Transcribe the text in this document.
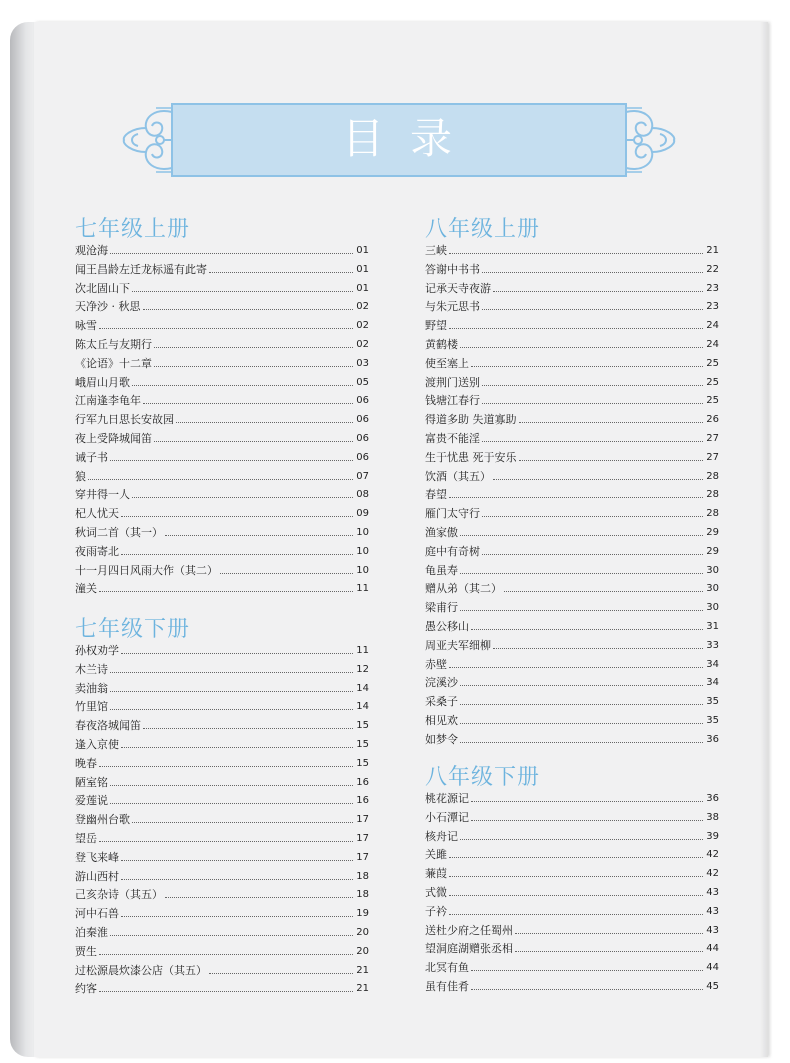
目录
七年级上册
观沧海	01
闻王昌龄左迁龙标遥有此寄	01
次北固山下	01
天净沙 · 秋思	02
咏雪	02
陈太丘与友期行	02
《论语》十二章	03
峨眉山月歌	05
江南逢李龟年	06
行军九日思长安故园	06
夜上受降城闻笛	06
诫子书	06
狼	07
穿井得一人	08
杞人忧天	09
秋词二首（其一）	10
夜雨寄北	10
十一月四日风雨大作（其二）	10
潼关	11
七年级下册
孙权劝学	11
木兰诗	12
卖油翁	14
竹里馆	14
春夜洛城闻笛	15
逢入京使	15
晚春	15
陋室铭	16
爱莲说	16
登幽州台歌	17
望岳	17
登飞来峰	17
游山西村	18
己亥杂诗（其五）	18
河中石兽	19
泊秦淮	20
贾生	20
过松源晨炊漆公店（其五）	21
约客	21
八年级上册
三峡	21
答谢中书书	22
记承天寺夜游	23
与朱元思书	23
野望	24
黄鹤楼	24
使至塞上	25
渡荆门送别	25
钱塘江春行	25
得道多助 失道寡助	26
富贵不能淫	27
生于忧患 死于安乐	27
饮酒（其五）	28
春望	28
雁门太守行	28
渔家傲	29
庭中有奇树	29
龟虽寿	30
赠从弟（其二）	30
梁甫行	30
愚公移山	31
周亚夫军细柳	33
赤壁	34
浣溪沙	34
采桑子	35
相见欢	35
如梦令	36
八年级下册
桃花源记	36
小石潭记	38
核舟记	39
关雎	42
蒹葭	42
式微	43
子衿	43
送杜少府之任蜀州	43
望洞庭湖赠张丞相	44
北冥有鱼	44
虽有佳肴	45
